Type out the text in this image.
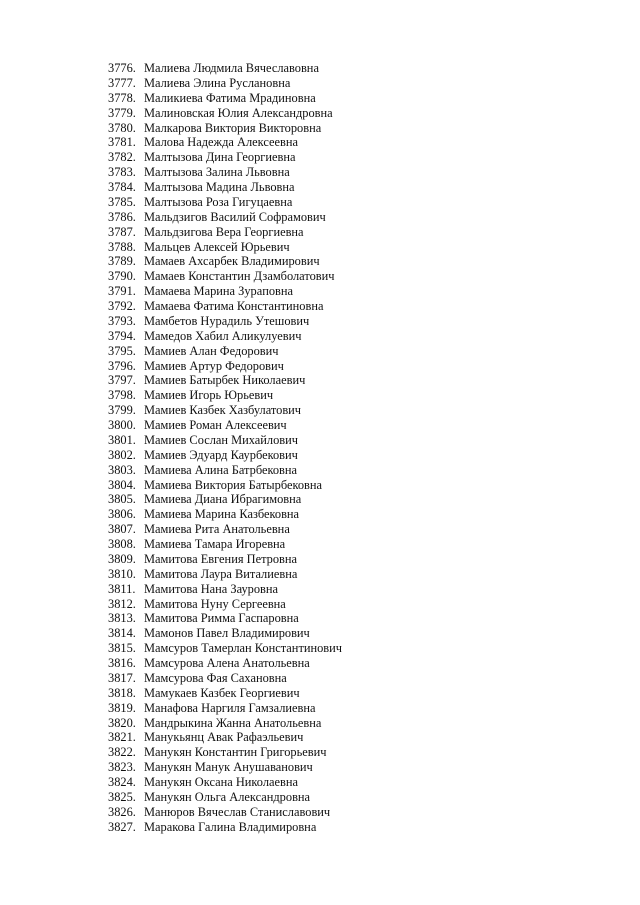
3776. Малиева Людмила Вячеславовна
3777. Малиева Элина Руслановна
3778. Маликиева Фатима Мрадиновна
3779. Малиновская Юлия Александровна
3780. Малкарова Виктория Викторовна
3781. Малова Надежда Алексеевна
3782. Малтызова Дина Георгиевна
3783. Малтызова Залина Львовна
3784. Малтызова Мадина Львовна
3785. Малтызова Роза Гигуцаевна
3786. Мальдзигов Василий Софрамович
3787. Мальдзигова Вера Георгиевна
3788. Мальцев Алексей Юрьевич
3789. Мамаев Ахсарбек Владимирович
3790. Мамаев Константин Дзамболатович
3791. Мамаева Марина Зурaповна
3792. Мамаева Фатима Константиновна
3793. Мамбетов Нурадиль Утешович
3794. Мамедов Хабил Аликулуевич
3795. Мамиев Алан Федорович
3796. Мамиев Артур Федорович
3797. Мамиев Батырбек Николаевич
3798. Мамиев Игорь Юрьевич
3799. Мамиев Казбек Хазбулатович
3800. Мамиев Роман Алексеевич
3801. Мамиев Сослан Михайлович
3802. Мамиев Эдуард Каурбекович
3803. Мамиева Алина Батрбековна
3804. Мамиева Виктория Батырбековна
3805. Мамиева Диана Ибрагимовна
3806. Мамиева Марина Казбековна
3807. Мамиева Рита Анатольевна
3808. Мамиева Тамара Игоревна
3809. Мамитова Евгения Петровна
3810. Мамитова Лаура Виталиевна
3811. Мамитова Нана Зауровна
3812. Мамитова Нуну Сергеевна
3813. Мамитова Римма Гаспаровна
3814. Мамонов Павел Владимирович
3815. Мамсуров Тамерлан Константинович
3816. Мамсурова Алена Анатольевна
3817. Мамсурова Фая Сахановна
3818. Мамукаев Казбек Георгиевич
3819. Манафова Наргиля Гамзалиевна
3820. Мандрыкина Жанна Анатольевна
3821. Манукьянц Авак Рафаэльевич
3822. Манукян Константин Григорьевич
3823. Манукян Манук Анушаванович
3824. Манукян Оксана Николаевна
3825. Манукян Ольга Александровна
3826. Манюров Вячеслав Станиславович
3827. Маракова Галина Владимировна
